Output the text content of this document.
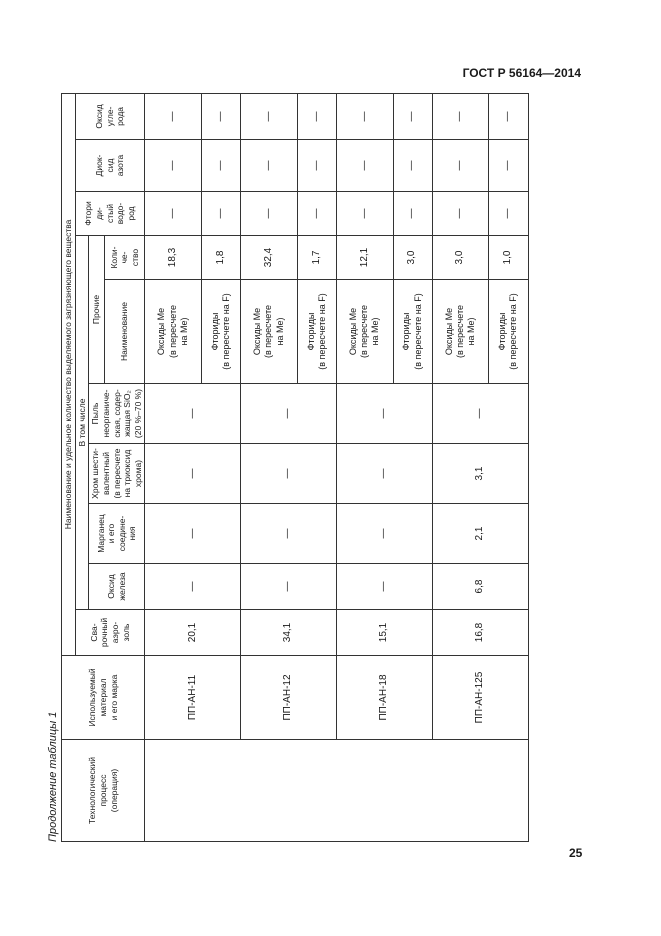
ГОСТ Р 56164—2014
Продолжение таблицы 1	Технологический
процесс
(операция)	Используемый
материал
и его марка	Наименование и удельное количество выделяемого загрязняющего вещества									
		Сва-
рочный
аэро-
золь	В том числе						Фтори
ди-
стый
водо-
род	Диок-
сид
азота	Оксид
угле-
рода
			Оксид
железа	Марганец
и его
соедине-
ния	Хром шести-
валентный
(в пересчете
на триоксид
хрома)	Пыль
неорганиче-
ская, содер-
жащая SiO₂
(20 %–70 %)	Прочие				
							Наименование	Коли-
че-
ство			
	ПП-АН-11	20,1	—	—	—	—	Оксиды Me
(в пересчете
на Me)	18,3	—	—	—
							Фториды
(в пересчете на F)	1,8	—	—	—
	ПП-АН-12	34,1	—	—	—	—	Оксиды Me
(в пересчете
на Me)	32,4	—	—	—
							Фториды
(в пересчете на F)	1,7	—	—	—
	ПП-АН-18	15,1	—	—	—	—	Оксиды Me
(в пересчете
на Me)	12,1	—	—	—
							Фториды
(в пересчете на F)	3,0	—	—	—
	ПП-АН-125	16,8	6,8	2,1	3,1	—	Оксиды Me
(в пересчете
на Me)	3,0	—	—	—
							Фториды
(в пересчете на F)	1,0	—	—	—
25
